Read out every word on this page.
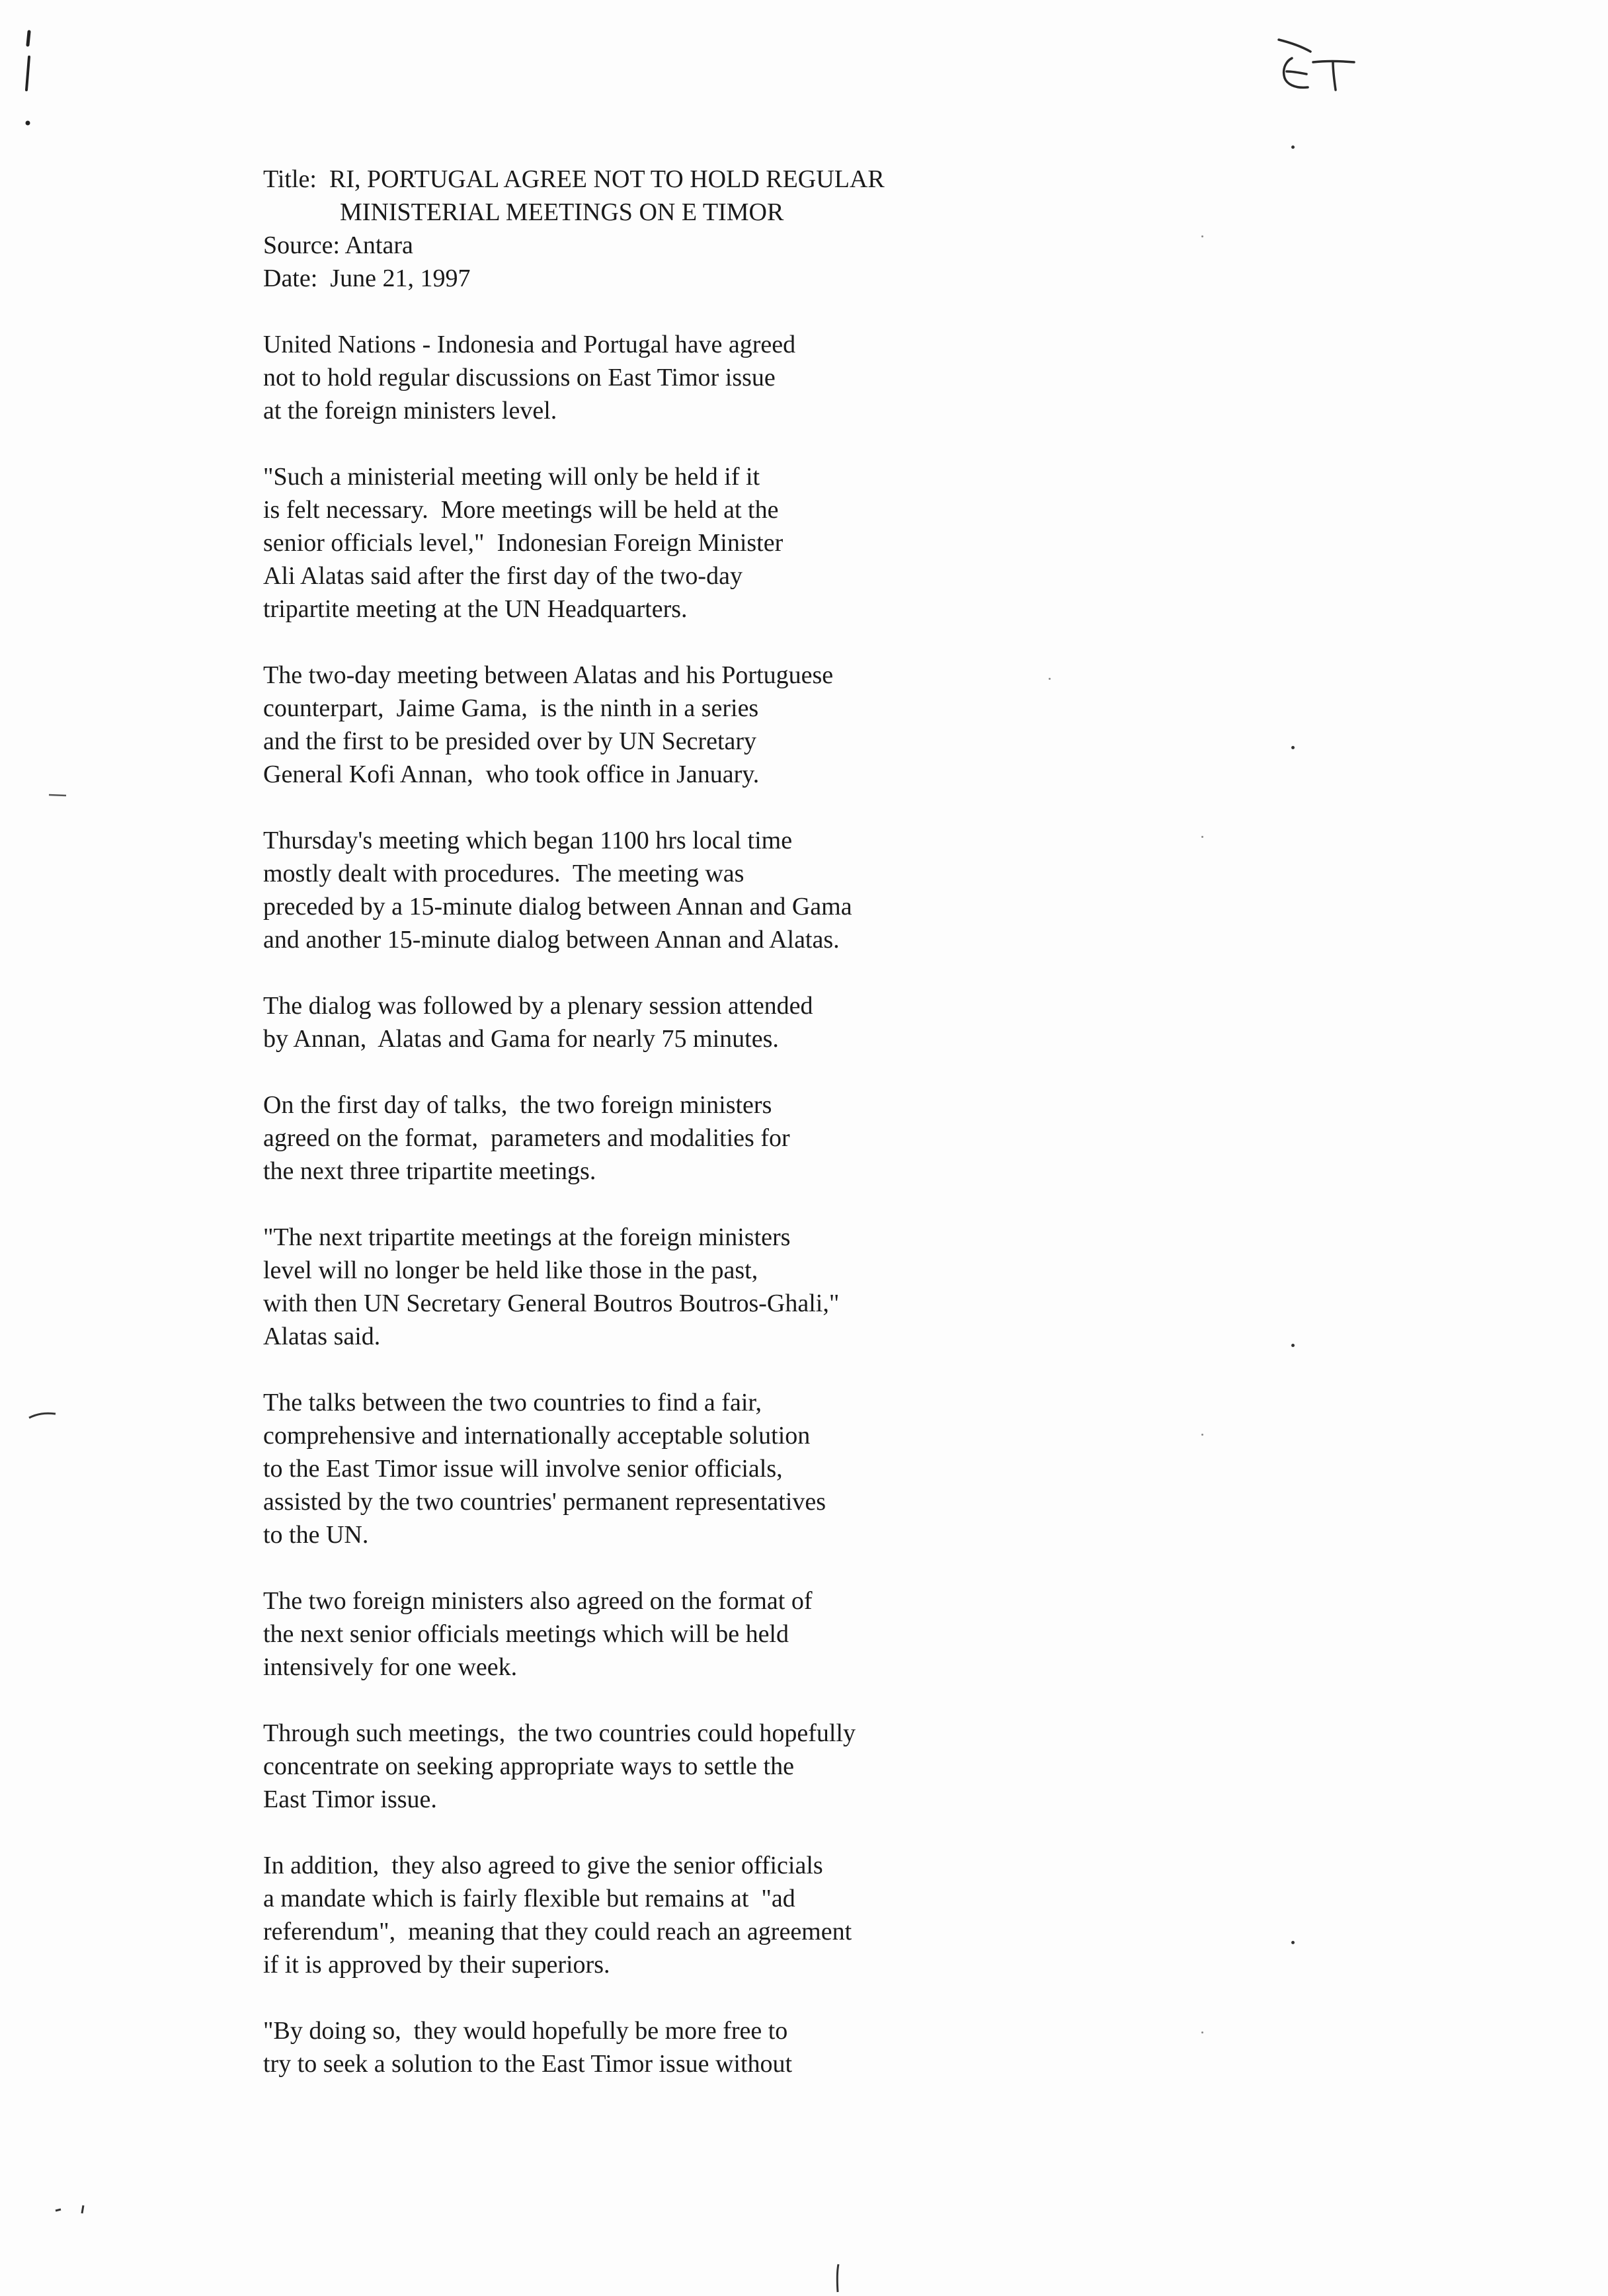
Title: RI, PORTUGAL AGREE NOT TO HOLD REGULAR
MINISTERIAL MEETINGS ON E TIMOR
Source: Antara
Date: June 21, 1997
United Nations - Indonesia and Portugal have agreed
not to hold regular discussions on East Timor issue
at the foreign ministers level.
"Such a ministerial meeting will only be held if it
is felt necessary.  More meetings will be held at the
senior officials level,"  Indonesian Foreign Minister
Ali Alatas said after the first day of the two-day
tripartite meeting at the UN Headquarters.
The two-day meeting between Alatas and his Portuguese
counterpart,  Jaime Gama,  is the ninth in a series
and the first to be presided over by UN Secretary
General Kofi Annan,  who took office in January.
Thursday's meeting which began 1100 hrs local time
mostly dealt with procedures.  The meeting was
preceded by a 15-minute dialog between Annan and Gama
and another 15-minute dialog between Annan and Alatas.
The dialog was followed by a plenary session attended
by Annan,  Alatas and Gama for nearly 75 minutes.
On the first day of talks,  the two foreign ministers
agreed on the format,  parameters and modalities for
the next three tripartite meetings.
"The next tripartite meetings at the foreign ministers
level will no longer be held like those in the past,
with then UN Secretary General Boutros Boutros-Ghali,"
Alatas said.
The talks between the two countries to find a fair,
comprehensive and internationally acceptable solution
to the East Timor issue will involve senior officials,
assisted by the two countries' permanent representatives
to the UN.
The two foreign ministers also agreed on the format of
the next senior officials meetings which will be held
intensively for one week.
Through such meetings,  the two countries could hopefully
concentrate on seeking appropriate ways to settle the
East Timor issue.
In addition,  they also agreed to give the senior officials
a mandate which is fairly flexible but remains at  "ad
referendum",  meaning that they could reach an agreement
if it is approved by their superiors.
"By doing so,  they would hopefully be more free to
try to seek a solution to the East Timor issue without
